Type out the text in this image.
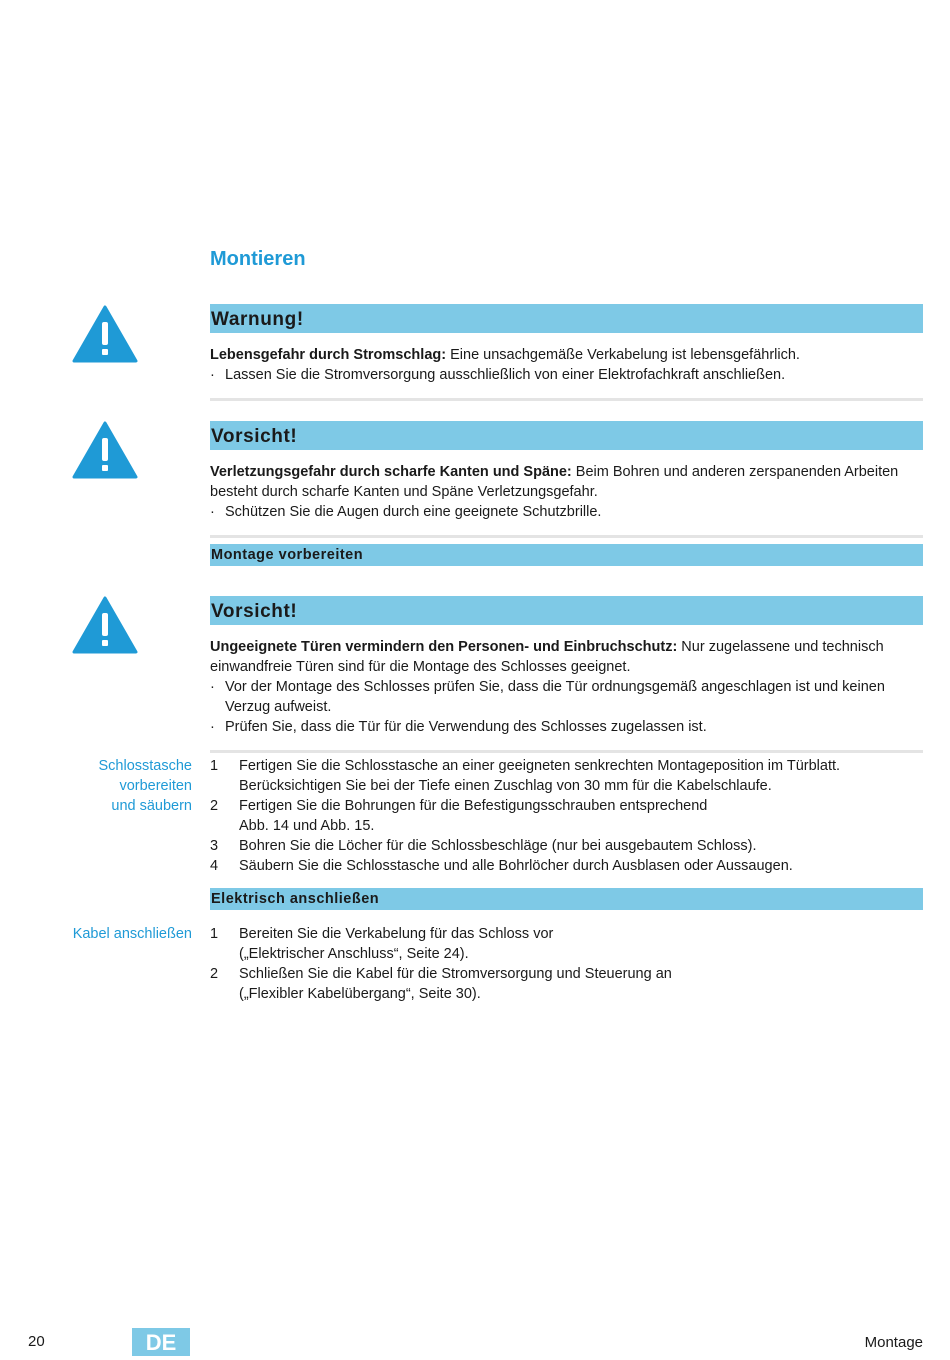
Montieren
Warnung!
Lebensgefahr durch Stromschlag: Eine unsachgemäße Verkabelung ist lebensgefährlich.
· Lassen Sie die Stromversorgung ausschließlich von einer Elektrofachkraft anschließen.
Vorsicht!
Verletzungsgefahr durch scharfe Kanten und Späne: Beim Bohren und anderen zerspanenden Arbeiten besteht durch scharfe Kanten und Späne Verletzungsgefahr.
· Schützen Sie die Augen durch eine geeignete Schutzbrille.
Montage vorbereiten
Vorsicht!
Ungeeignete Türen vermindern den Personen- und Einbruchschutz: Nur zugelassene und technisch einwandfreie Türen sind für die Montage des Schlosses geeignet.
· Vor der Montage des Schlosses prüfen Sie, dass die Tür ordnungsgemäß angeschlagen ist und keinen Verzug aufweist.
· Prüfen Sie, dass die Tür für die Verwendung des Schlosses zugelassen ist.
Schlosstasche
vorbereiten
und säubern
1	Fertigen Sie die Schlosstasche an einer geeigneten senkrechten Montageposition im Türblatt. Berücksichtigen Sie bei der Tiefe einen Zuschlag von 30 mm für die Kabelschlaufe.
2	Fertigen Sie die Bohrungen für die Befestigungsschrauben entsprechend Abb. 14 und Abb. 15.
3	Bohren Sie die Löcher für die Schlossbeschläge (nur bei ausgebautem Schloss).
4	Säubern Sie die Schlosstasche und alle Bohrlöcher durch Ausblasen oder Aussaugen.
Elektrisch anschließen
Kabel anschließen 1	Bereiten Sie die Verkabelung für das Schloss vor („Elektrischer Anschluss“, Seite 24).
2	Schließen Sie die Kabel für die Stromversorgung und Steuerung an („Flexibler Kabelübergang“, Seite 30).
20	DE	Montage
